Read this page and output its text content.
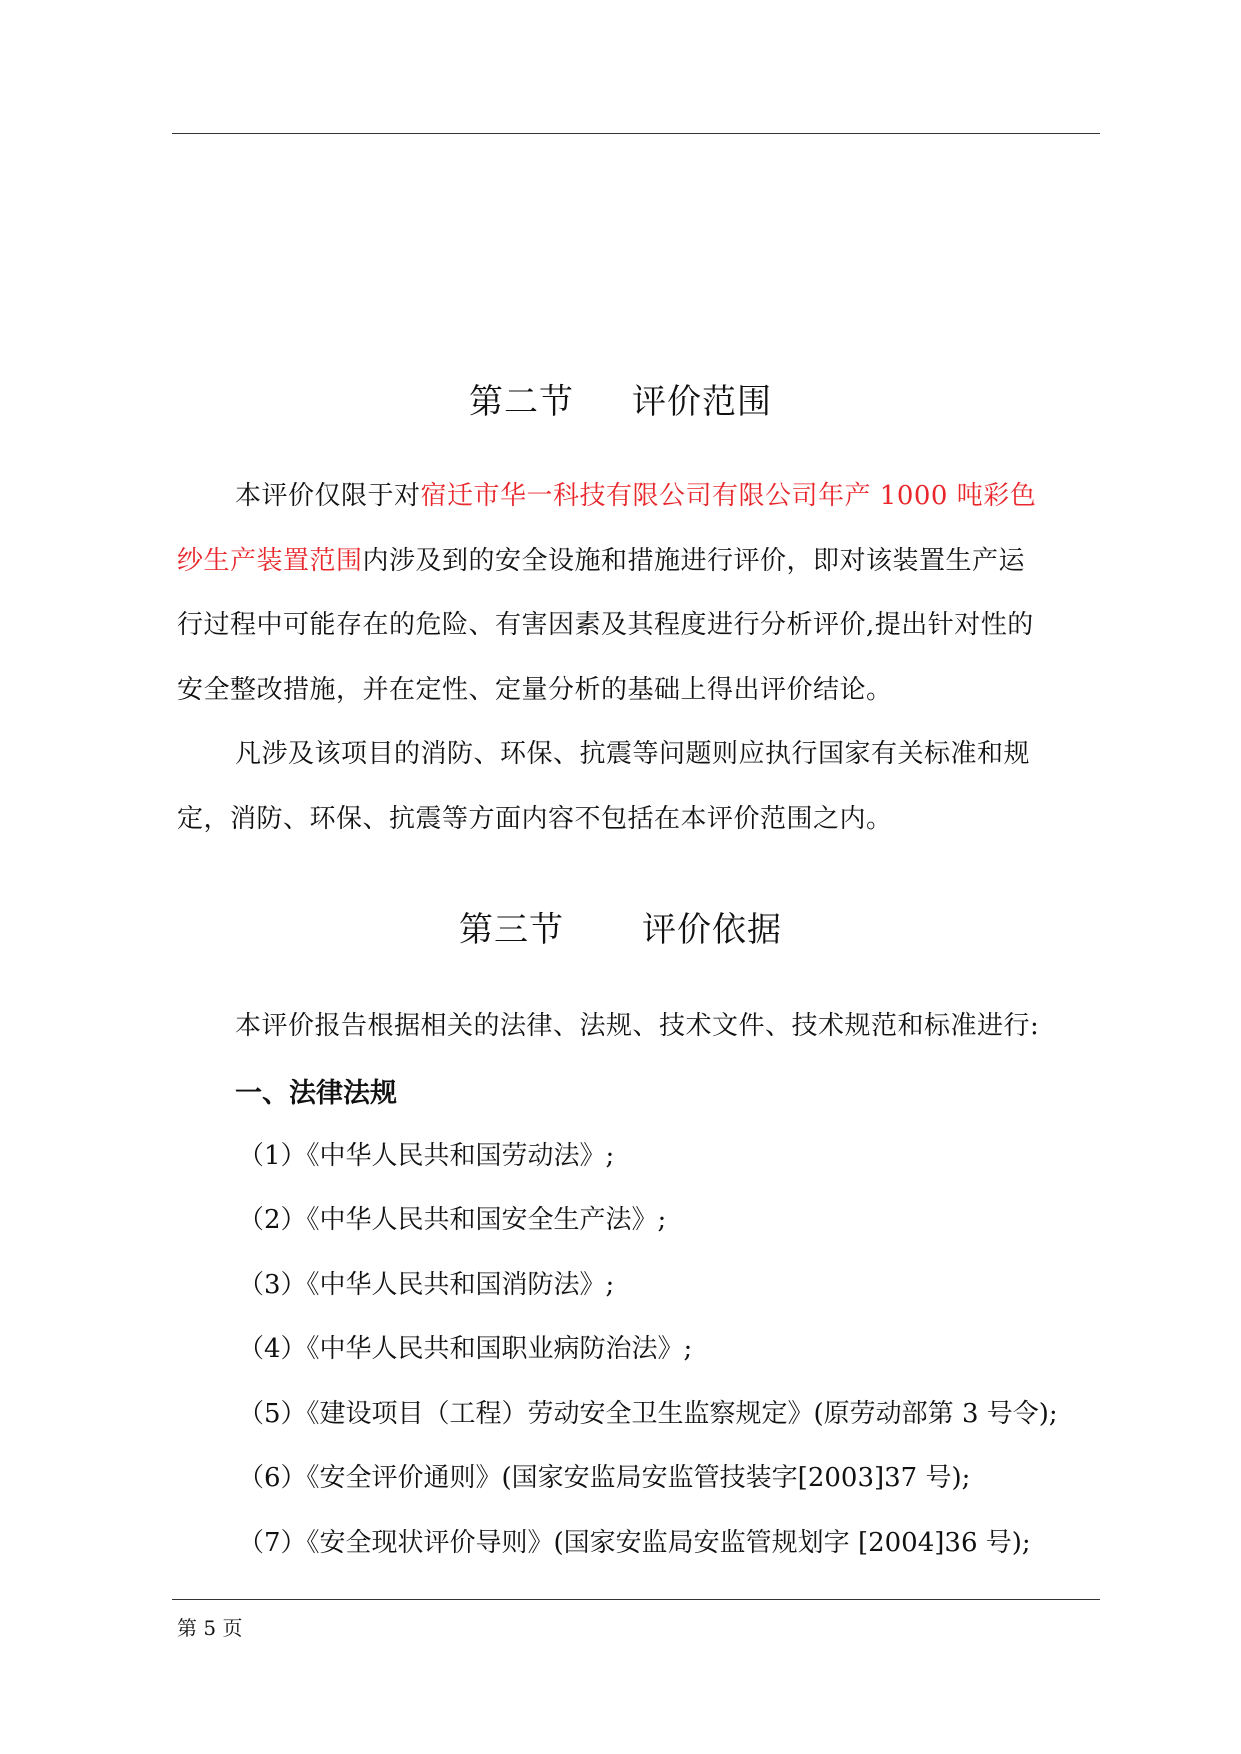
第二节 评价范围
本评价仅限于对宿迁市华一科技有限公司有限公司年产 1000 吨彩色
纱生产装置范围内涉及到的安全设施和措施进行评价，即对该装置生产运
行过程中可能存在的危险、有害因素及其程度进行分析评价,提出针对性的
安全整改措施，并在定性、定量分析的基础上得出评价结论。
凡涉及该项目的消防、环保、抗震等问题则应执行国家有关标准和规
定，消防、环保、抗震等方面内容不包括在本评价范围之内。
第三节 评价依据
本评价报告根据相关的法律、法规、技术文件、技术规范和标准进行:
一、法律法规
（1）《中华人民共和国劳动法》;
（2）《中华人民共和国安全生产法》;
（3）《中华人民共和国消防法》;
（4）《中华人民共和国职业病防治法》;
（5）《建设项目（工程）劳动安全卫生监察规定》(原劳动部第 3 号令);
（6）《安全评价通则》(国家安监局安监管技装字[2003]37 号);
（7）《安全现状评价导则》(国家安监局安监管规划字 [2004]36 号);
第 5 页
